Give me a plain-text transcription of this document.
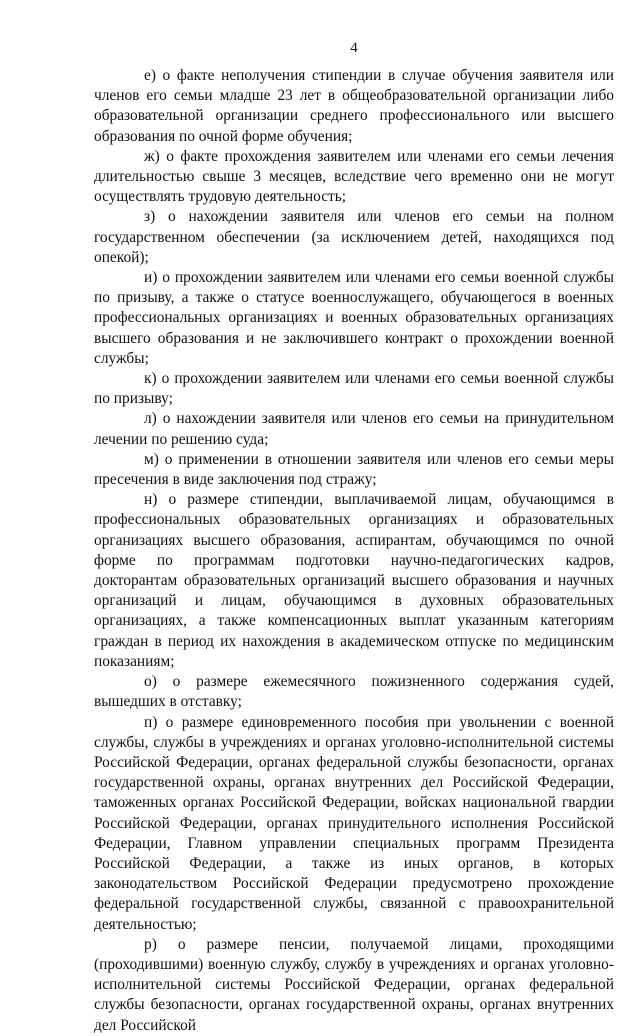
4

е) о факте неполучения стипендии в случае обучения заявителя или членов его семьи младше 23 лет в общеобразовательной организации либо образовательной организации среднего профессионального или высшего образования по очной форме обучения;

ж) о факте прохождения заявителем или членами его семьи лечения длительностью свыше 3 месяцев, вследствие чего временно они не могут осуществлять трудовую деятельность;

з) о нахождении заявителя или членов его семьи на полном государственном обеспечении (за исключением детей, находящихся под опекой);

и) о прохождении заявителем или членами его семьи военной службы по призыву, а также о статусе военнослужащего, обучающегося в военных профессиональных организациях и военных образовательных организациях высшего образования и не заключившего контракт о прохождении военной службы;

к) о прохождении заявителем или членами его семьи военной службы по призыву;

л) о нахождении заявителя или членов его семьи на принудительном лечении по решению суда;

м) о применении в отношении заявителя или членов его семьи меры пресечения в виде заключения под стражу;

н) о размере стипендии, выплачиваемой лицам, обучающимся в профессиональных образовательных организациях и образовательных организациях высшего образования, аспирантам, обучающимся по очной форме по программам подготовки научно-педагогических кадров, докторантам образовательных организаций высшего образования и научных организаций и лицам, обучающимся в духовных образовательных организациях, а также компенсационных выплат указанным категориям граждан в период их нахождения в академическом отпуске по медицинским показаниям;

о) о размере ежемесячного пожизненного содержания судей, вышедших в отставку;

п) о размере единовременного пособия при увольнении с военной службы, службы в учреждениях и органах уголовно-исполнительной системы Российской Федерации, органах федеральной службы безопасности, органах государственной охраны, органах внутренних дел Российской Федерации, таможенных органах Российской Федерации, войсках национальной гвардии Российской Федерации, органах принудительного исполнения Российской Федерации, Главном управлении специальных программ Президента Российской Федерации, а также из иных органов, в которых законодательством Российской Федерации предусмотрено прохождение федеральной государственной службы, связанной с правоохранительной деятельностью;

р) о размере пенсии, получаемой лицами, проходящими (проходившими) военную службу, службу в учреждениях и органах уголовно-исполнительной системы Российской Федерации, органах федеральной службы безопасности, органах государственной охраны, органах внутренних дел Российской
